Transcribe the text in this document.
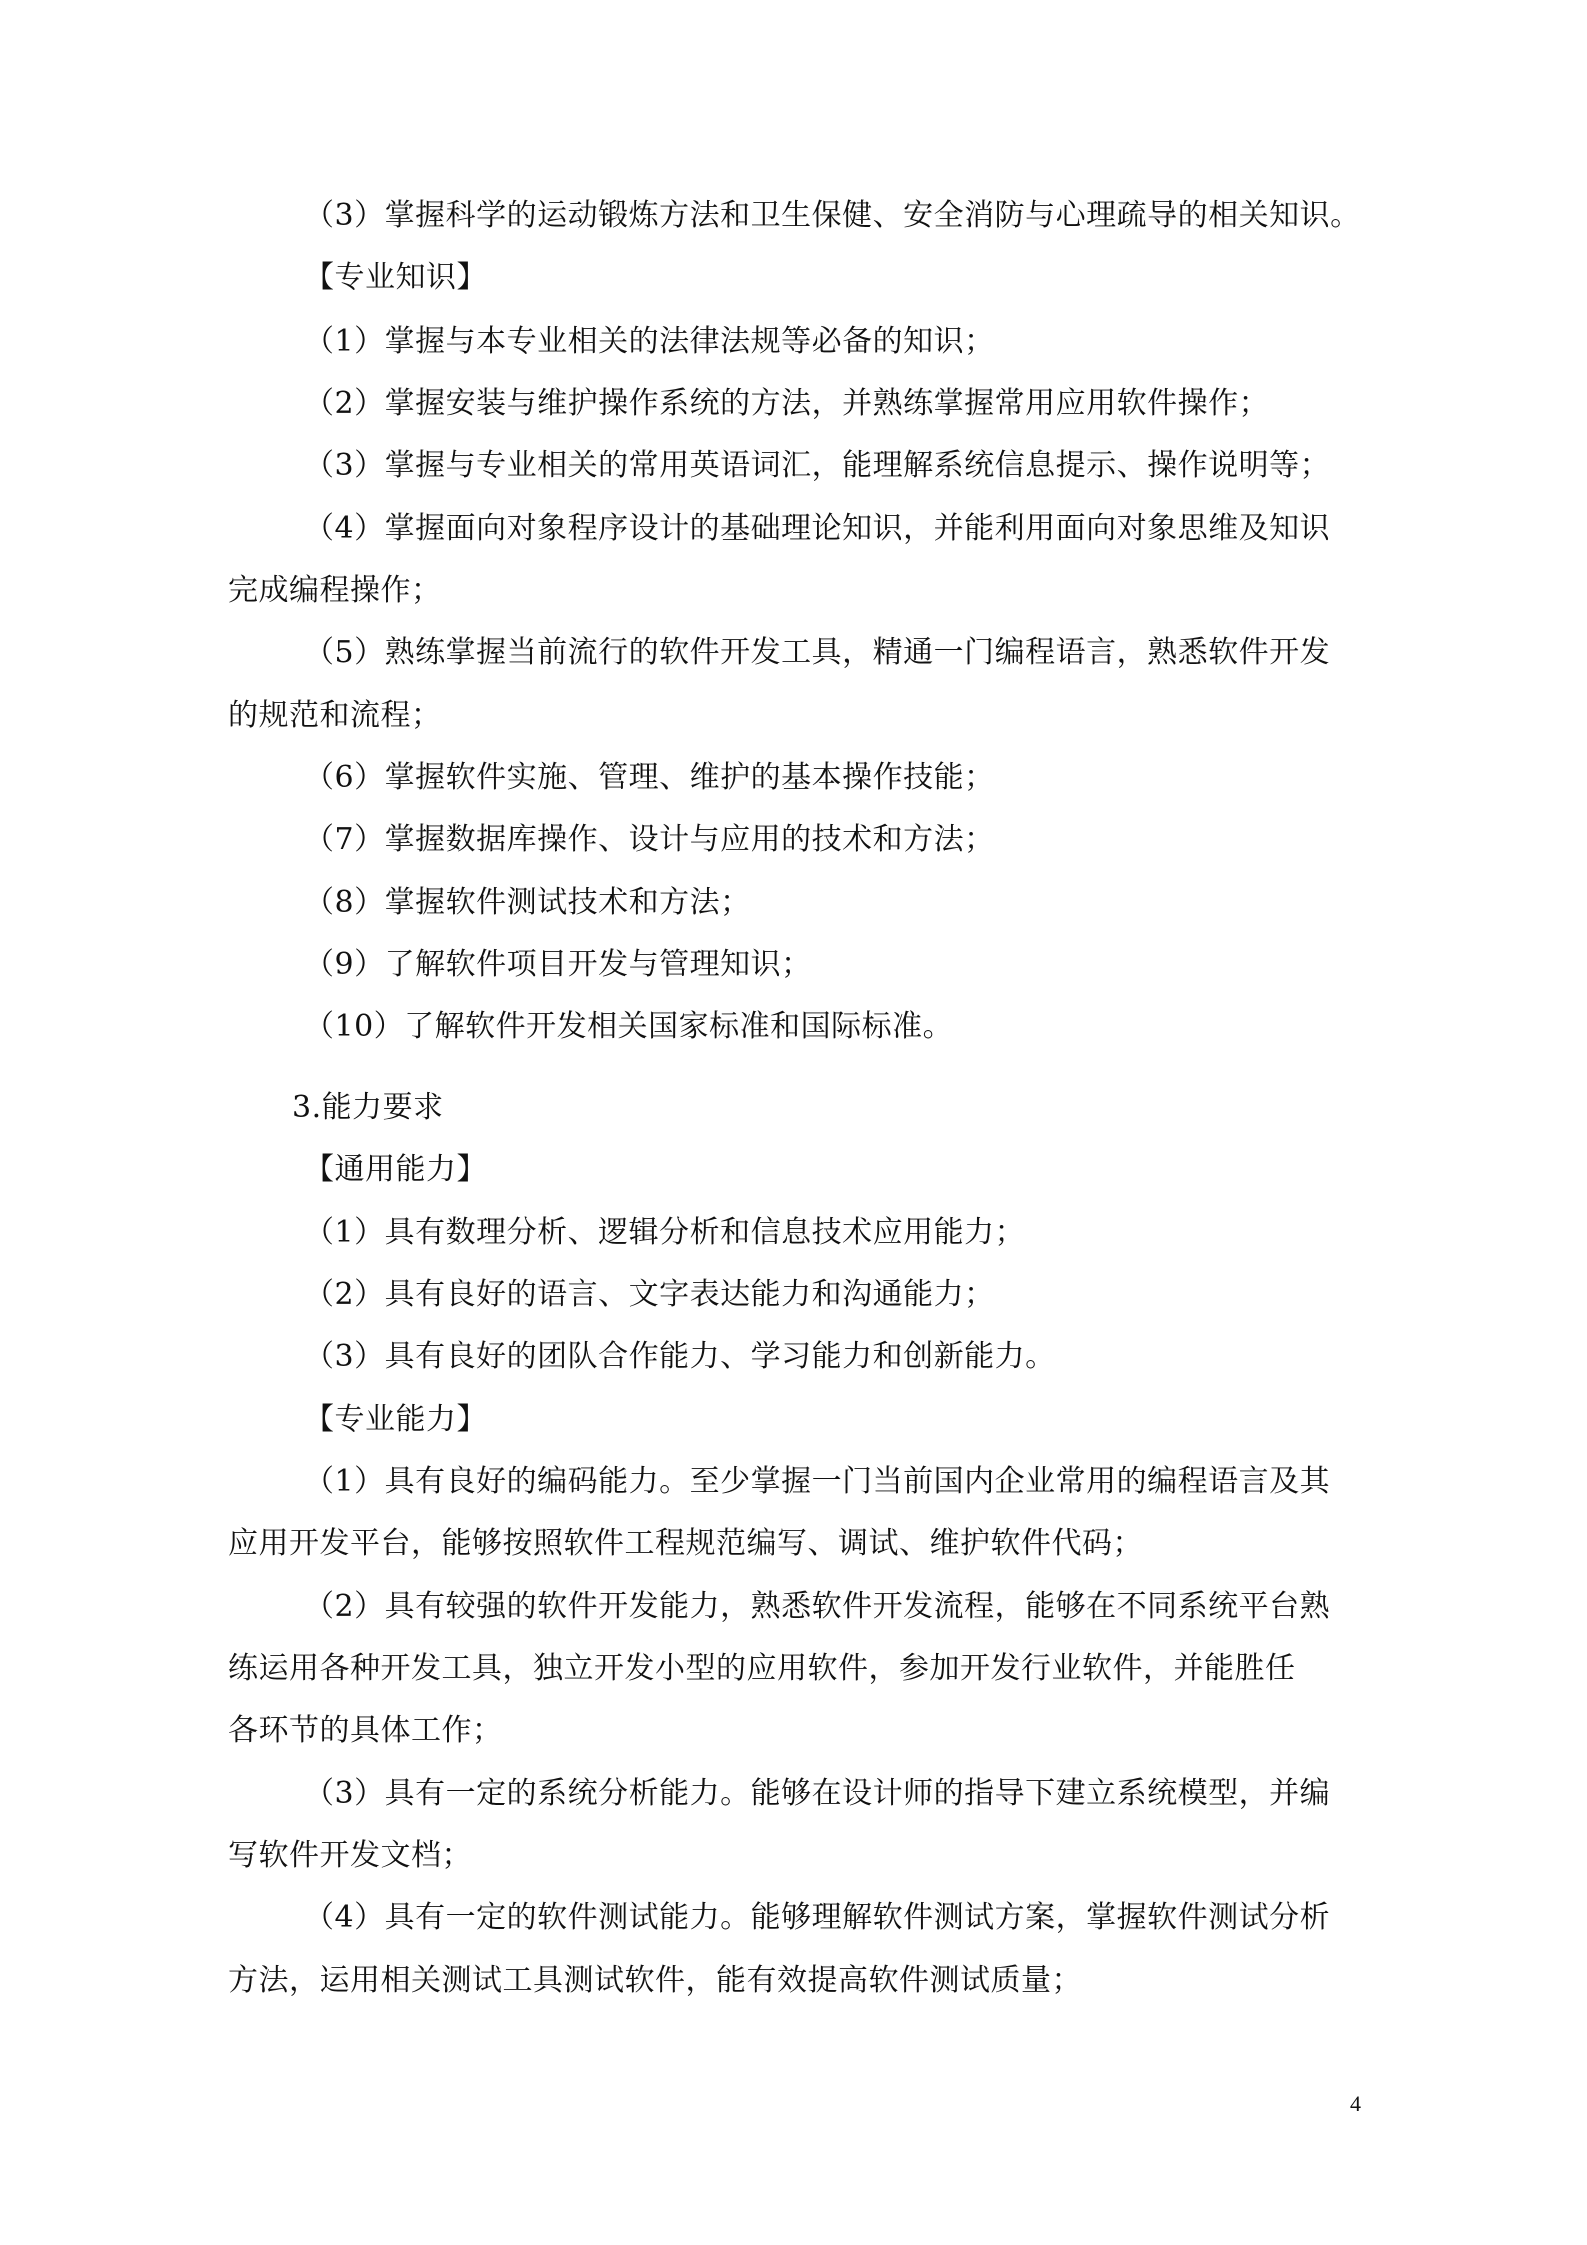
（3）掌握科学的运动锻炼方法和卫生保健、安全消防与心理疏导的相关知识。
【专业知识】
（1）掌握与本专业相关的法律法规等必备的知识；
（2）掌握安装与维护操作系统的方法，并熟练掌握常用应用软件操作；
（3）掌握与专业相关的常用英语词汇，能理解系统信息提示、操作说明等；
（4）掌握面向对象程序设计的基础理论知识，并能利用面向对象思维及知识
完成编程操作；
（5）熟练掌握当前流行的软件开发工具，精通一门编程语言，熟悉软件开发
的规范和流程；
（6）掌握软件实施、管理、维护的基本操作技能；
（7）掌握数据库操作、设计与应用的技术和方法；
（8）掌握软件测试技术和方法；
（9）了解软件项目开发与管理知识；
（10）了解软件开发相关国家标准和国际标准。
3.能力要求
【通用能力】
（1）具有数理分析、逻辑分析和信息技术应用能力；
（2）具有良好的语言、文字表达能力和沟通能力；
（3）具有良好的团队合作能力、学习能力和创新能力。
【专业能力】
（1）具有良好的编码能力。至少掌握一门当前国内企业常用的编程语言及其
应用开发平台，能够按照软件工程规范编写、调试、维护软件代码；
（2）具有较强的软件开发能力，熟悉软件开发流程，能够在不同系统平台熟
练运用各种开发工具，独立开发小型的应用软件，参加开发行业软件，并能胜任
各环节的具体工作；
（3）具有一定的系统分析能力。能够在设计师的指导下建立系统模型，并编
写软件开发文档；
（4）具有一定的软件测试能力。能够理解软件测试方案，掌握软件测试分析
方法，运用相关测试工具测试软件，能有效提高软件测试质量；
4
